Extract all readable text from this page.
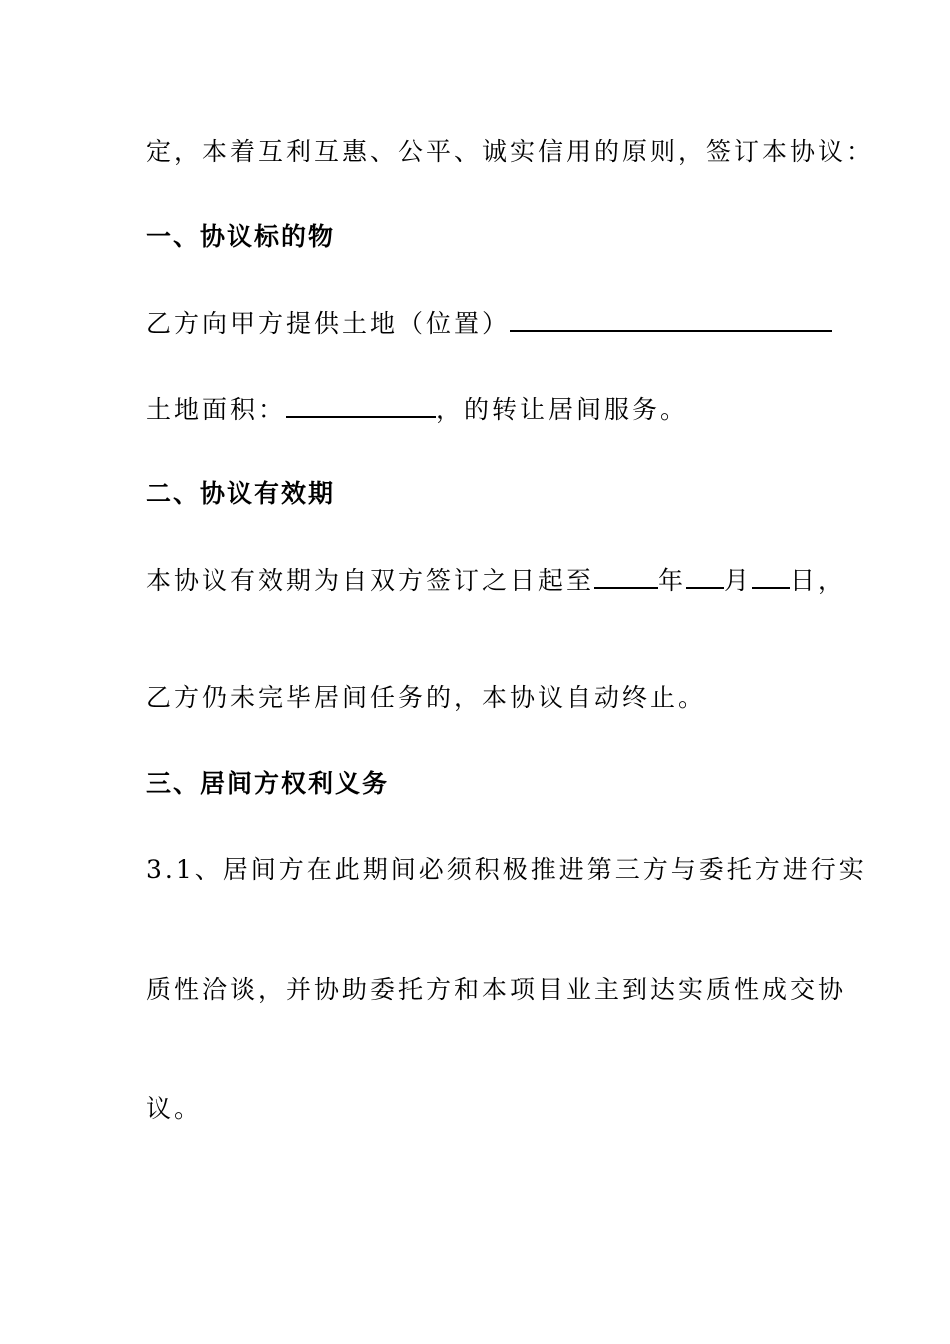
定，本着互利互惠、公平、诚实信用的原则，签订本协议：
一、协议标的物
乙方向甲方提供土地（位置）
土地面积：	，的转让居间服务。
二、协议有效期
本协议有效期为自双方签订之日起至	年 月 日，
乙方仍未完毕居间任务的，本协议自动终止。
三、居间方权利义务
3.1、居间方在此期间必须积极推进第三方与委托方进行实
质性洽谈，并协助委托方和本项目业主到达实质性成交协
议。
